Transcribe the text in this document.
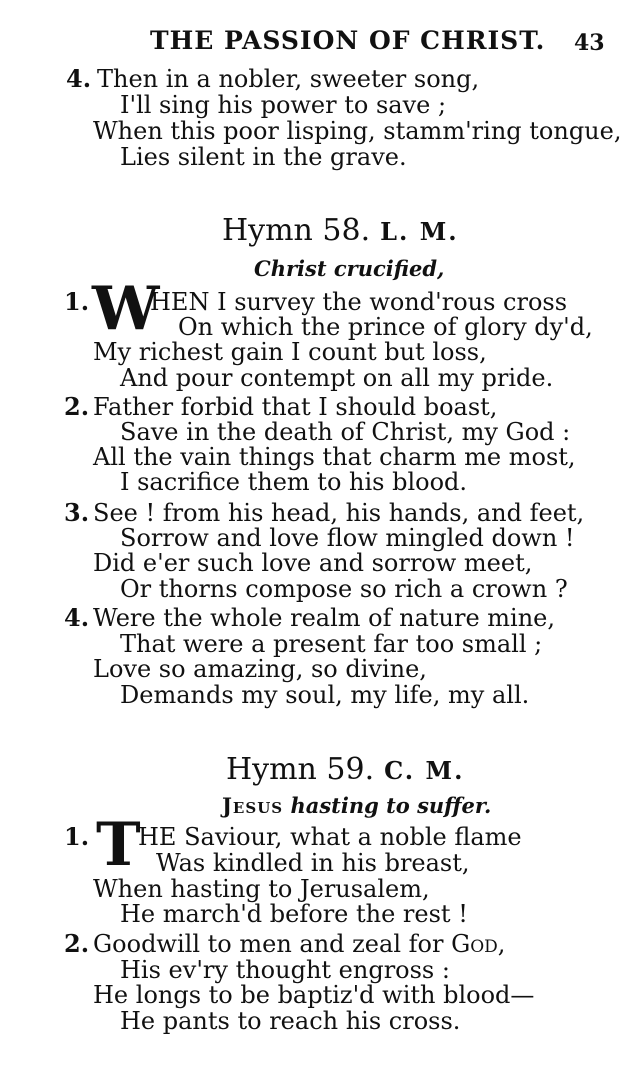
THE PASSION OF CHRIST. 43
4. Then in a nobler, sweeter song,
I'll sing his power to save ;
When this poor lisping, stamm'ring tongue,
Lies silent in the grave.
Hymn 58. L. M.
Christ crucified,
1. W
HEN I survey the wond'rous cross
On which the prince of glory dy'd,
My richest gain I count but loss,
And pour contempt on all my pride.
2. Father forbid that I should boast,
Save in the death of Christ, my God :
All the vain things that charm me most,
I sacrifice them to his blood.
3. See ! from his head, his hands, and feet,
Sorrow and love flow mingled down !
Did e'er such love and sorrow meet,
Or thorns compose so rich a crown ?
4. Were the whole realm of nature mine,
That were a present far too small ;
Love so amazing, so divine,
Demands my soul, my life, my all.
Hymn 59. C. M.
Jesus hasting to suffer.
1. T
HE Saviour, what a noble flame
Was kindled in his breast,
When hasting to Jerusalem,
He march'd before the rest !
2. Goodwill to men and zeal for God,
His ev'ry thought engross :
He longs to be baptiz'd with blood—
He pants to reach his cross.
